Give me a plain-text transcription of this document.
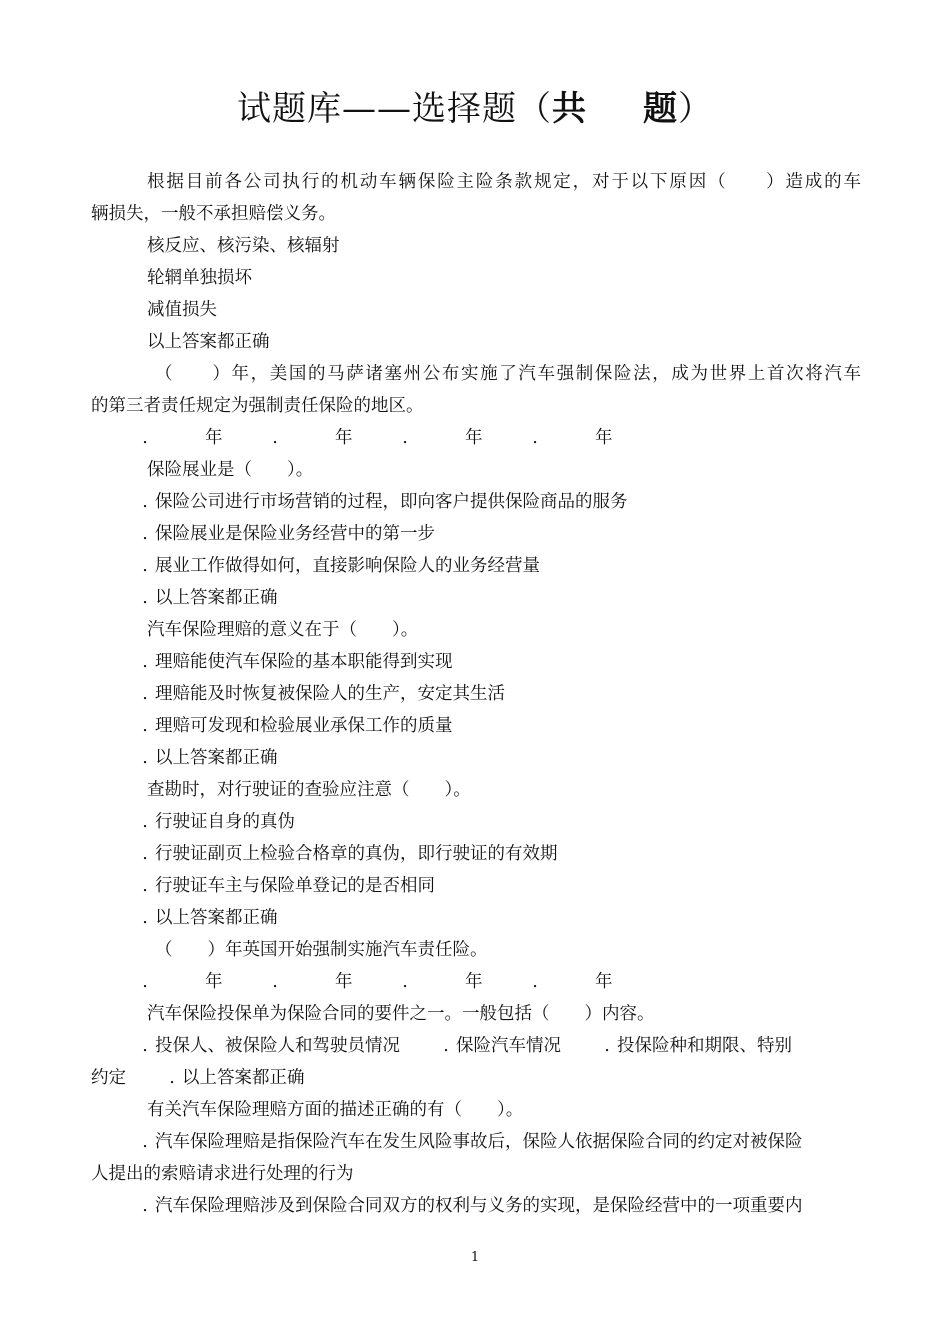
试题库——选择题（共 题）
根据目前各公司执行的机动车辆保险主险条款规定，对于以下原因（　　）造成的车
辆损失，一般不承担赔偿义务。
核反应、核污染、核辐射
轮辋单独损坏
减值损失
以上答案都正确
（　　）年，美国的马萨诸塞州公布实施了汽车强制保险法，成为世界上首次将汽车
的第三者责任规定为强制责任保险的地区。
.	年	.	年	.	年	.	年
保险展业是（　　）。
. 保险公司进行市场营销的过程，即向客户提供保险商品的服务
. 保险展业是保险业务经营中的第一步
. 展业工作做得如何，直接影响保险人的业务经营量
. 以上答案都正确
汽车保险理赔的意义在于（　　）。
. 理赔能使汽车保险的基本职能得到实现
. 理赔能及时恢复被保险人的生产，安定其生活
. 理赔可发现和检验展业承保工作的质量
. 以上答案都正确
查勘时，对行驶证的查验应注意（　　）。
. 行驶证自身的真伪
. 行驶证副页上检验合格章的真伪，即行驶证的有效期
. 行驶证车主与保险单登记的是否相同
. 以上答案都正确
（　　）年英国开始强制实施汽车责任险。
.	年	.	年	.	年	.	年
汽车保险投保单为保险合同的要件之一。一般包括（　　）内容。
. 投保人、被保险人和驾驶员情况 . 保险汽车情况 . 投保险种和期限、特别
约定 . 以上答案都正确
有关汽车保险理赔方面的描述正确的有（　　）。
. 汽车保险理赔是指保险汽车在发生风险事故后，保险人依据保险合同的约定对被保险
人提出的索赔请求进行处理的行为
. 汽车保险理赔涉及到保险合同双方的权利与义务的实现，是保险经营中的一项重要内
1
